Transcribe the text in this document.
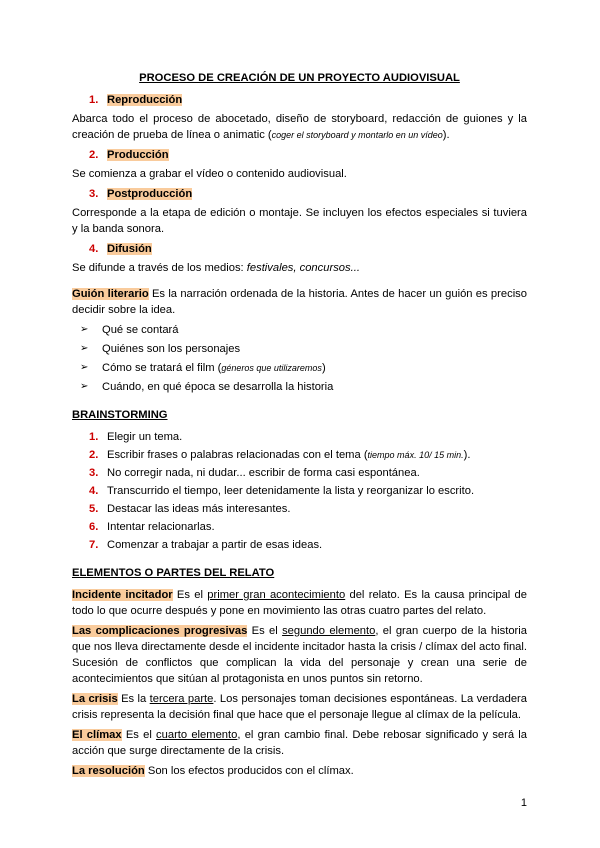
PROCESO DE CREACIÓN DE UN PROYECTO AUDIOVISUAL
1. Reproducción

Abarca todo el proceso de abocetado, diseño de storyboard, redacción de guiones y la creación de prueba de línea o animatic (coger el storyboard y montarlo en un vídeo).

2. Producción

Se comienza a grabar el vídeo o contenido audiovisual.

3. Postproducción

Corresponde a la etapa de edición o montaje. Se incluyen los efectos especiales si tuviera y la banda sonora.

4. Difusión

Se difunde a través de los medios: festivales, concursos...

Guión literario Es la narración ordenada de la historia. Antes de hacer un guión es preciso decidir sobre la idea.

➢	Qué se contará
➢	Quiénes son los personajes
➢	Cómo se tratará el film (géneros que utilizaremos)
➢	Cuándo, en qué época se desarrolla la historia
BRAINSTORMING
1. Elegir un tema.
2. Escribir frases o palabras relacionadas con el tema (tiempo máx. 10/ 15 min.).
3. No corregir nada, ni dudar... escribir de forma casi espontánea.
4. Transcurrido el tiempo, leer detenidamente la lista y reorganizar lo escrito.
5. Destacar las ideas más interesantes.
6. Intentar relacionarlas.
7. Comenzar a trabajar a partir de esas ideas.
ELEMENTOS O PARTES DEL RELATO

Incidente incitador Es el primer gran acontecimiento del relato. Es la causa principal de todo lo que ocurre después y pone en movimiento las otras cuatro partes del relato.

Las complicaciones progresivas Es el segundo elemento, el gran cuerpo de la historia que nos lleva directamente desde el incidente incitador hasta la crisis / clímax del acto final. Sucesión de conflictos que complican la vida del personaje y crean una serie de acontecimientos que sitúan al protagonista en unos puntos sin retorno.

La crisis Es la tercera parte. Los personajes toman decisiones espontáneas. La verdadera crisis representa la decisión final que hace que el personaje llegue al clímax de la película.

El clímax Es el cuarto elemento, el gran cambio final. Debe rebosar significado y será la acción que surge directamente de la crisis.

La resolución Son los efectos producidos con el clímax.

1
